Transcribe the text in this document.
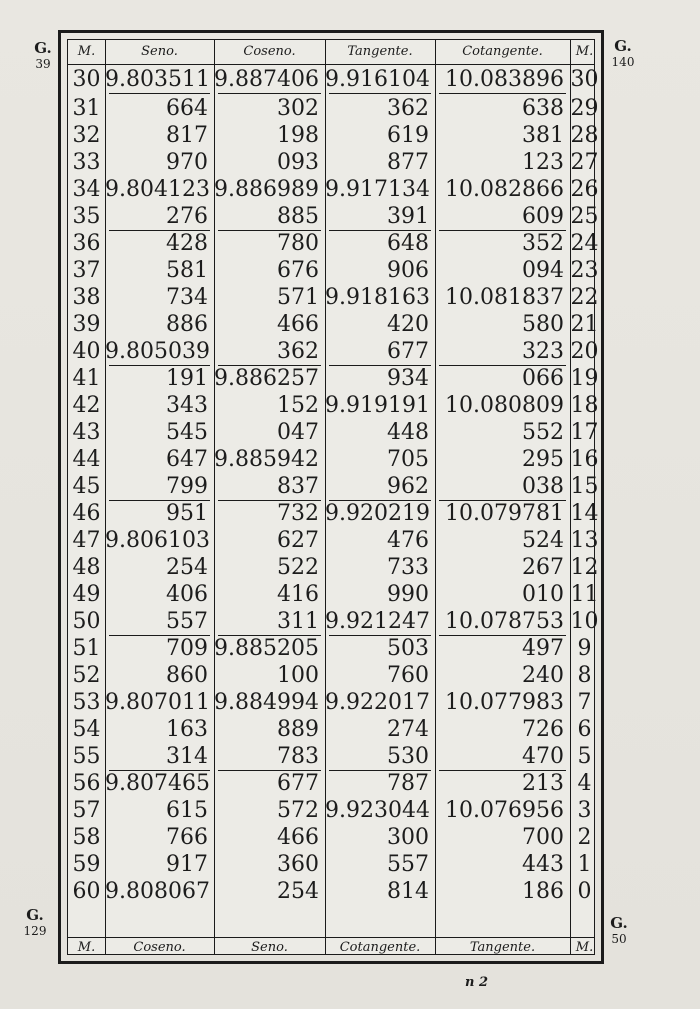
G.
39
G.
140
G.
129	G.
50
M.	Seno.	Coseno.	Tangente.	Cotangente.	M.
M.	Coseno.	Seno.	Cotangente.	Tangente.	M.
30 9.803511 9.887406 9.916104 10.083896 30
31	664	302	362	638 29
32	817	198	619	381 28
33	970	093	877	123 27
34 9.804123 9.886989 9.917134 10.082866 26
35	276	885	391	609 25
36	428	780	648	352 24
37	581	676	906	094 23
38	734	571 9.918163 10.081837 22
39	886	466	420	580 21
40 9.805039	362	677	323 20
41	191 9.886257	934	066 19
42	343	152 9.919191 10.080809 18
43	545	047	448	552 17
44	647 9.885942	705	295 16
45	799	837	962	038 15
46	951	732 9.920219 10.079781 14
47 9.806103	627	476	524 13
48	254	522	733	267 12
49	406	416	990	010 11
50	557	311 9.921247 10.078753 10
51	709 9.885205	503	497 9
52	860	100	760	240 8
53 9.807011 9.884994 9.922017 10.077983 7
54	163	889	274	726 6
55	314	783	530	470 5
56 9.807465	677	787	213 4
57	615	572 9.923044 10.076956 3
58	766	466	300	700 2
59	917	360	557	443 1
60 9.808067	254	814	186 0
n 2
